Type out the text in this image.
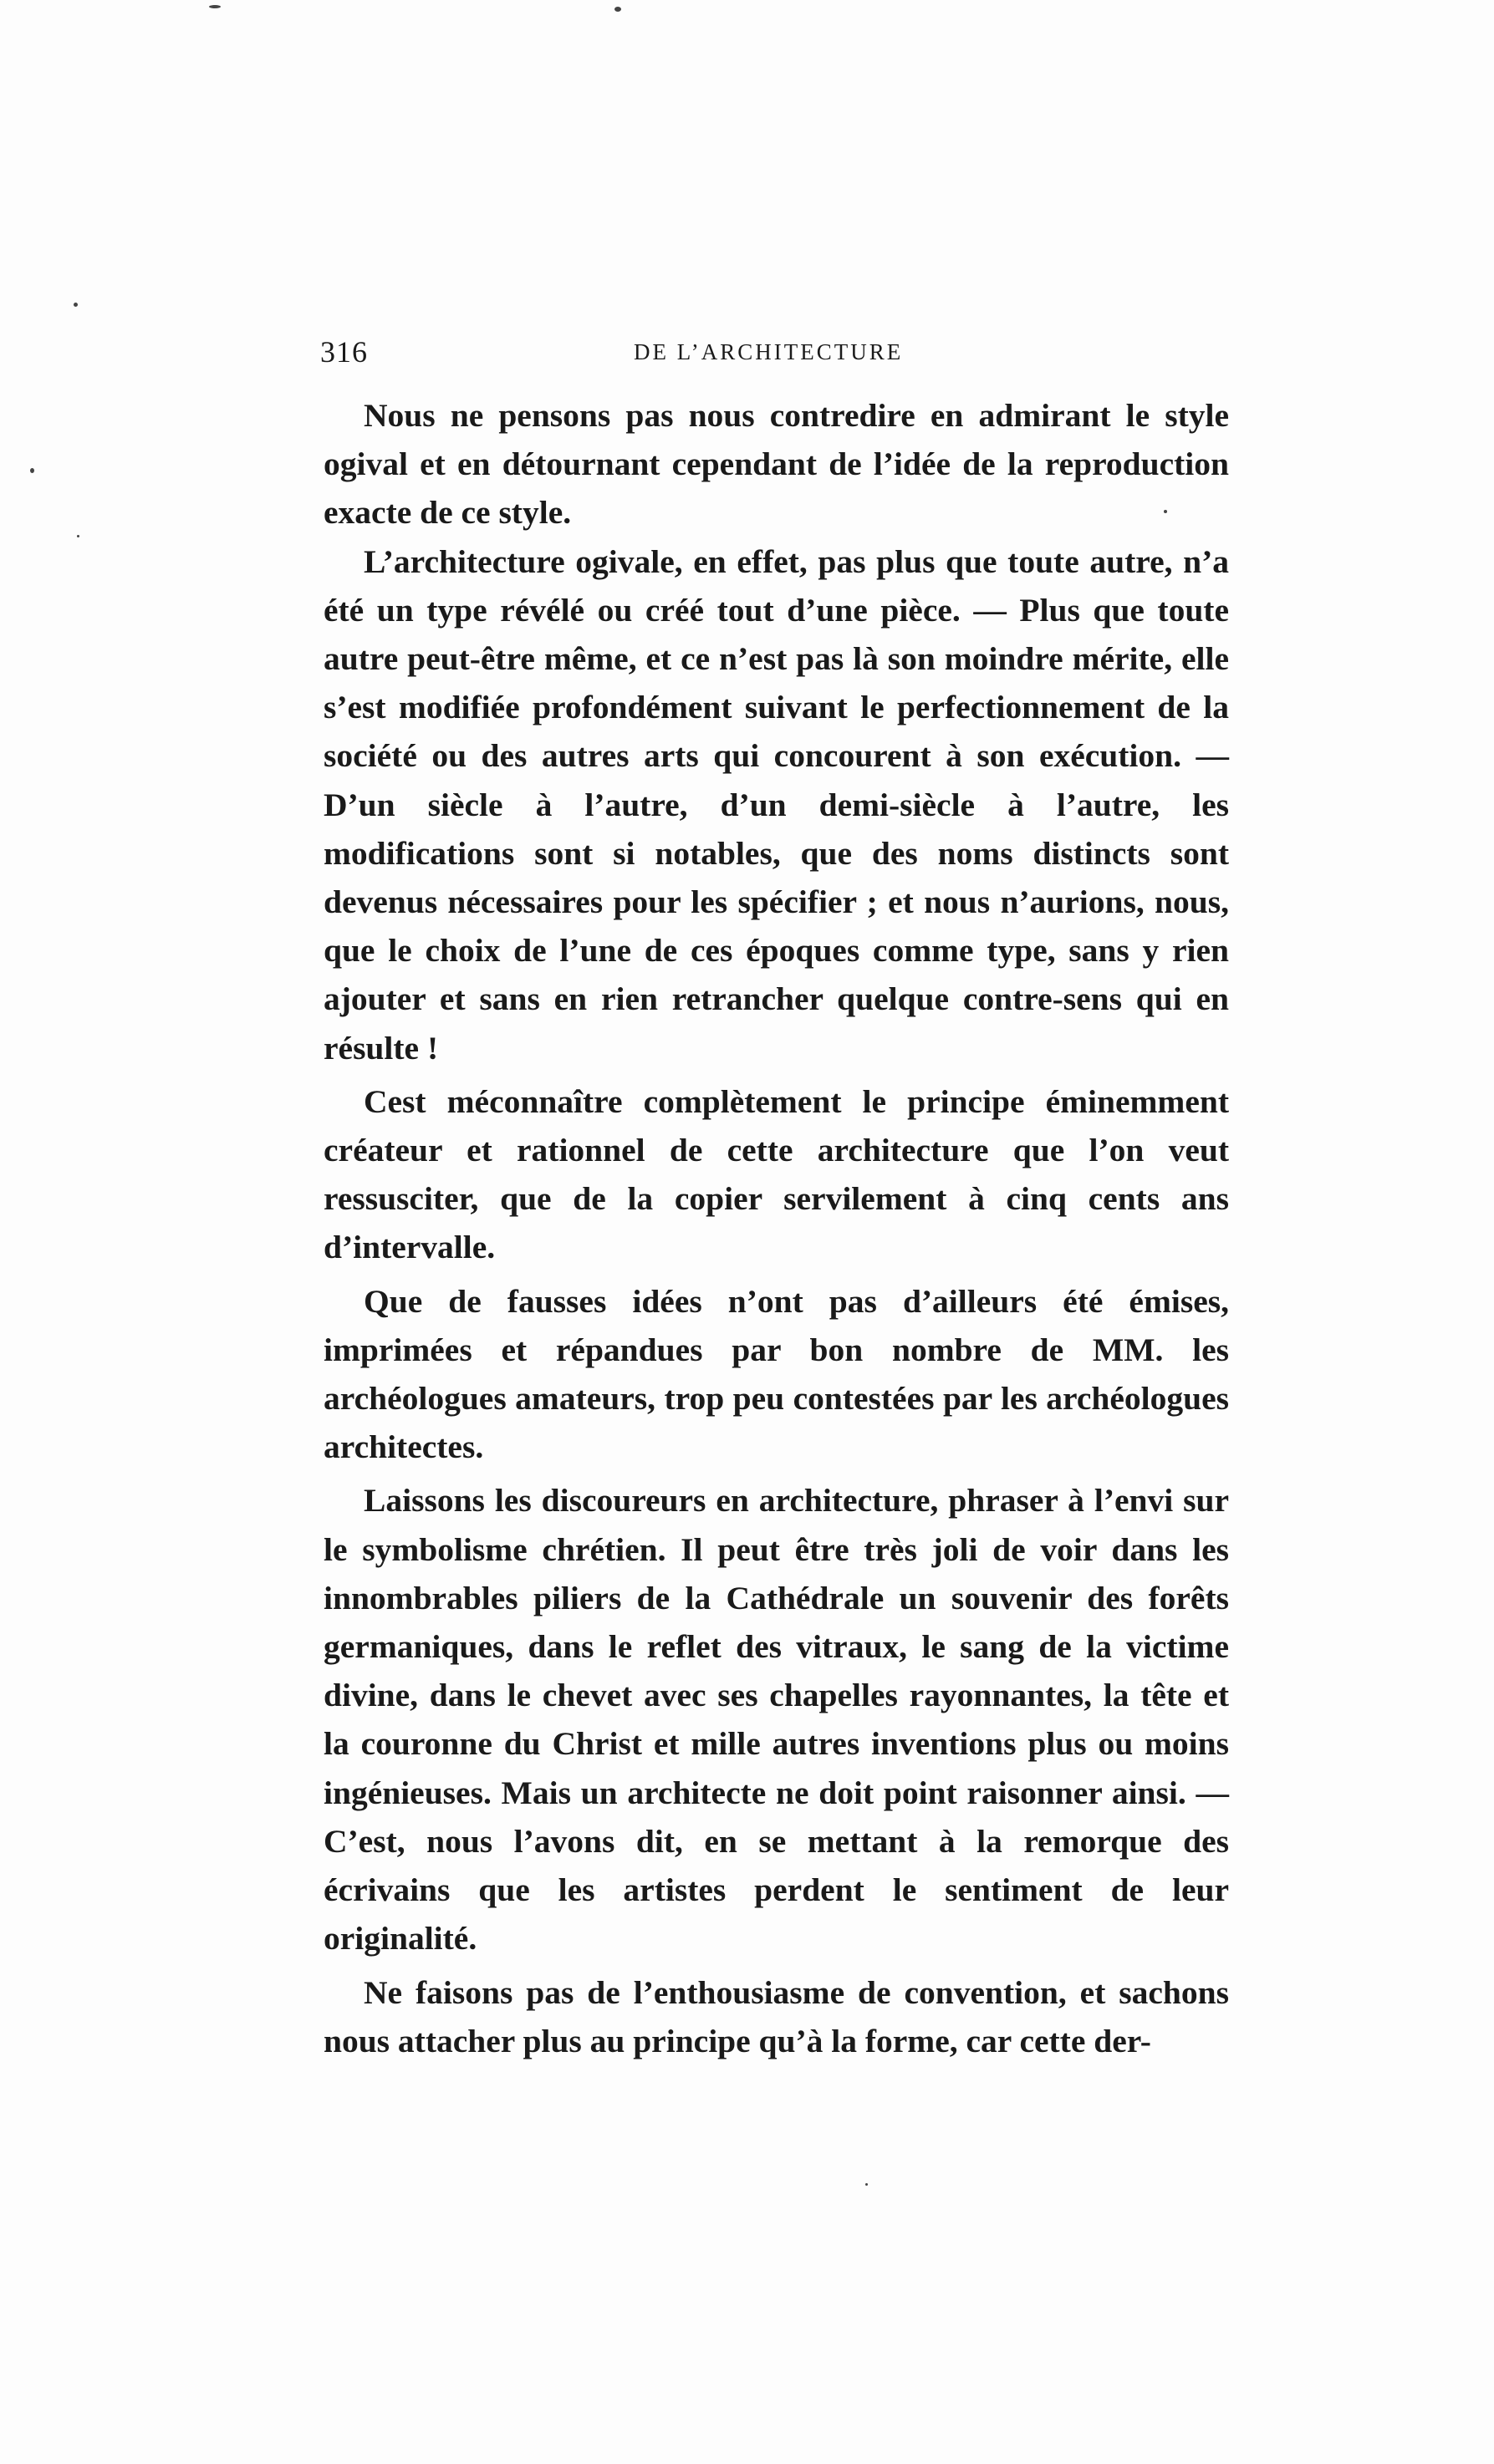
316	DE L’ARCHITECTURE

Nous ne pensons pas nous contredire en admirant le style ogival et en détournant cependant de l’idée de la reproduction exacte de ce style.

L’architecture ogivale, en effet, pas plus que toute autre, n’a été un type révélé ou créé tout d’une pièce. — Plus que toute autre peut-être même, et ce n’est pas là son moindre mérite, elle s’est modifiée profondément suivant le perfectionnement de la société ou des autres arts qui concourent à son exécution. — D’un siècle à l’autre, d’un demi-siècle à l’autre, les modifications sont si notables, que des noms distincts sont devenus nécessaires pour les spécifier ; et nous n’aurions, nous, que le choix de l’une de ces époques comme type, sans y rien ajouter et sans en rien retrancher quelque contre-sens qui en résulte !

Cest méconnaître complètement le principe éminemment créateur et rationnel de cette architecture que l’on veut ressusciter, que de la copier servilement à cinq cents ans d’intervalle.

Que de fausses idées n’ont pas d’ailleurs été émises, imprimées et répandues par bon nombre de MM. les archéologues amateurs, trop peu contestées par les archéologues architectes.

Laissons les discoureurs en architecture, phraser à l’envi sur le symbolisme chrétien. Il peut être très joli de voir dans les innombrables piliers de la Cathédrale un souvenir des forêts germaniques, dans le reflet des vitraux, le sang de la victime divine, dans le chevet avec ses chapelles rayonnantes, la tête et la couronne du Christ et mille autres inventions plus ou moins ingénieuses. Mais un architecte ne doit point raisonner ainsi. — C’est, nous l’avons dit, en se mettant à la remorque des écrivains que les artistes perdent le sentiment de leur originalité.

Ne faisons pas de l’enthousiasme de convention, et sachons nous attacher plus au principe qu’à la forme, car cette der-
